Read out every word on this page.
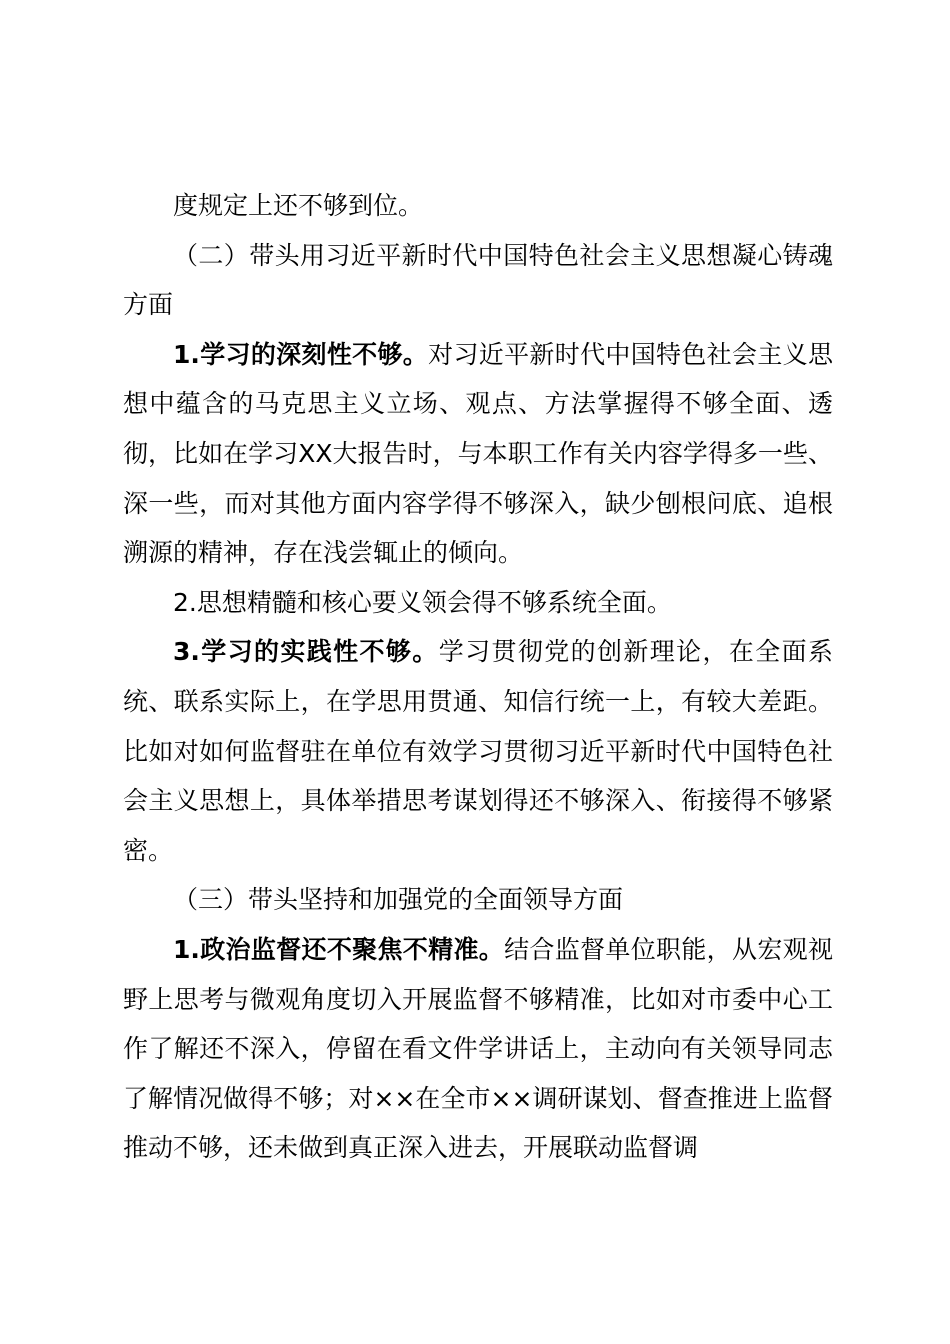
度规定上还不够到位。

（二）带头用习近平新时代中国特色社会主义思想凝心铸魂方面

1.学习的深刻性不够。对习近平新时代中国特色社会主义思想中蕴含的马克思主义立场、观点、方法掌握得不够全面、透彻，比如在学习XX大报告时，与本职工作有关内容学得多一些、深一些，而对其他方面内容学得不够深入，缺少刨根问底、追根溯源的精神，存在浅尝辄止的倾向。

2.思想精髓和核心要义领会得不够系统全面。

3.学习的实践性不够。学习贯彻党的创新理论，在全面系统、联系实际上，在学思用贯通、知信行统一上，有较大差距。比如对如何监督驻在单位有效学习贯彻习近平新时代中国特色社会主义思想上，具体举措思考谋划得还不够深入、衔接得不够紧密。

（三）带头坚持和加强党的全面领导方面

1.政治监督还不聚焦不精准。结合监督单位职能，从宏观视野上思考与微观角度切入开展监督不够精准，比如对市委中心工作了解还不深入，停留在看文件学讲话上，主动向有关领导同志了解情况做得不够；对××在全市××调研谋划、督查推进上监督推动不够，还未做到真正深入进去，开展联动监督调
